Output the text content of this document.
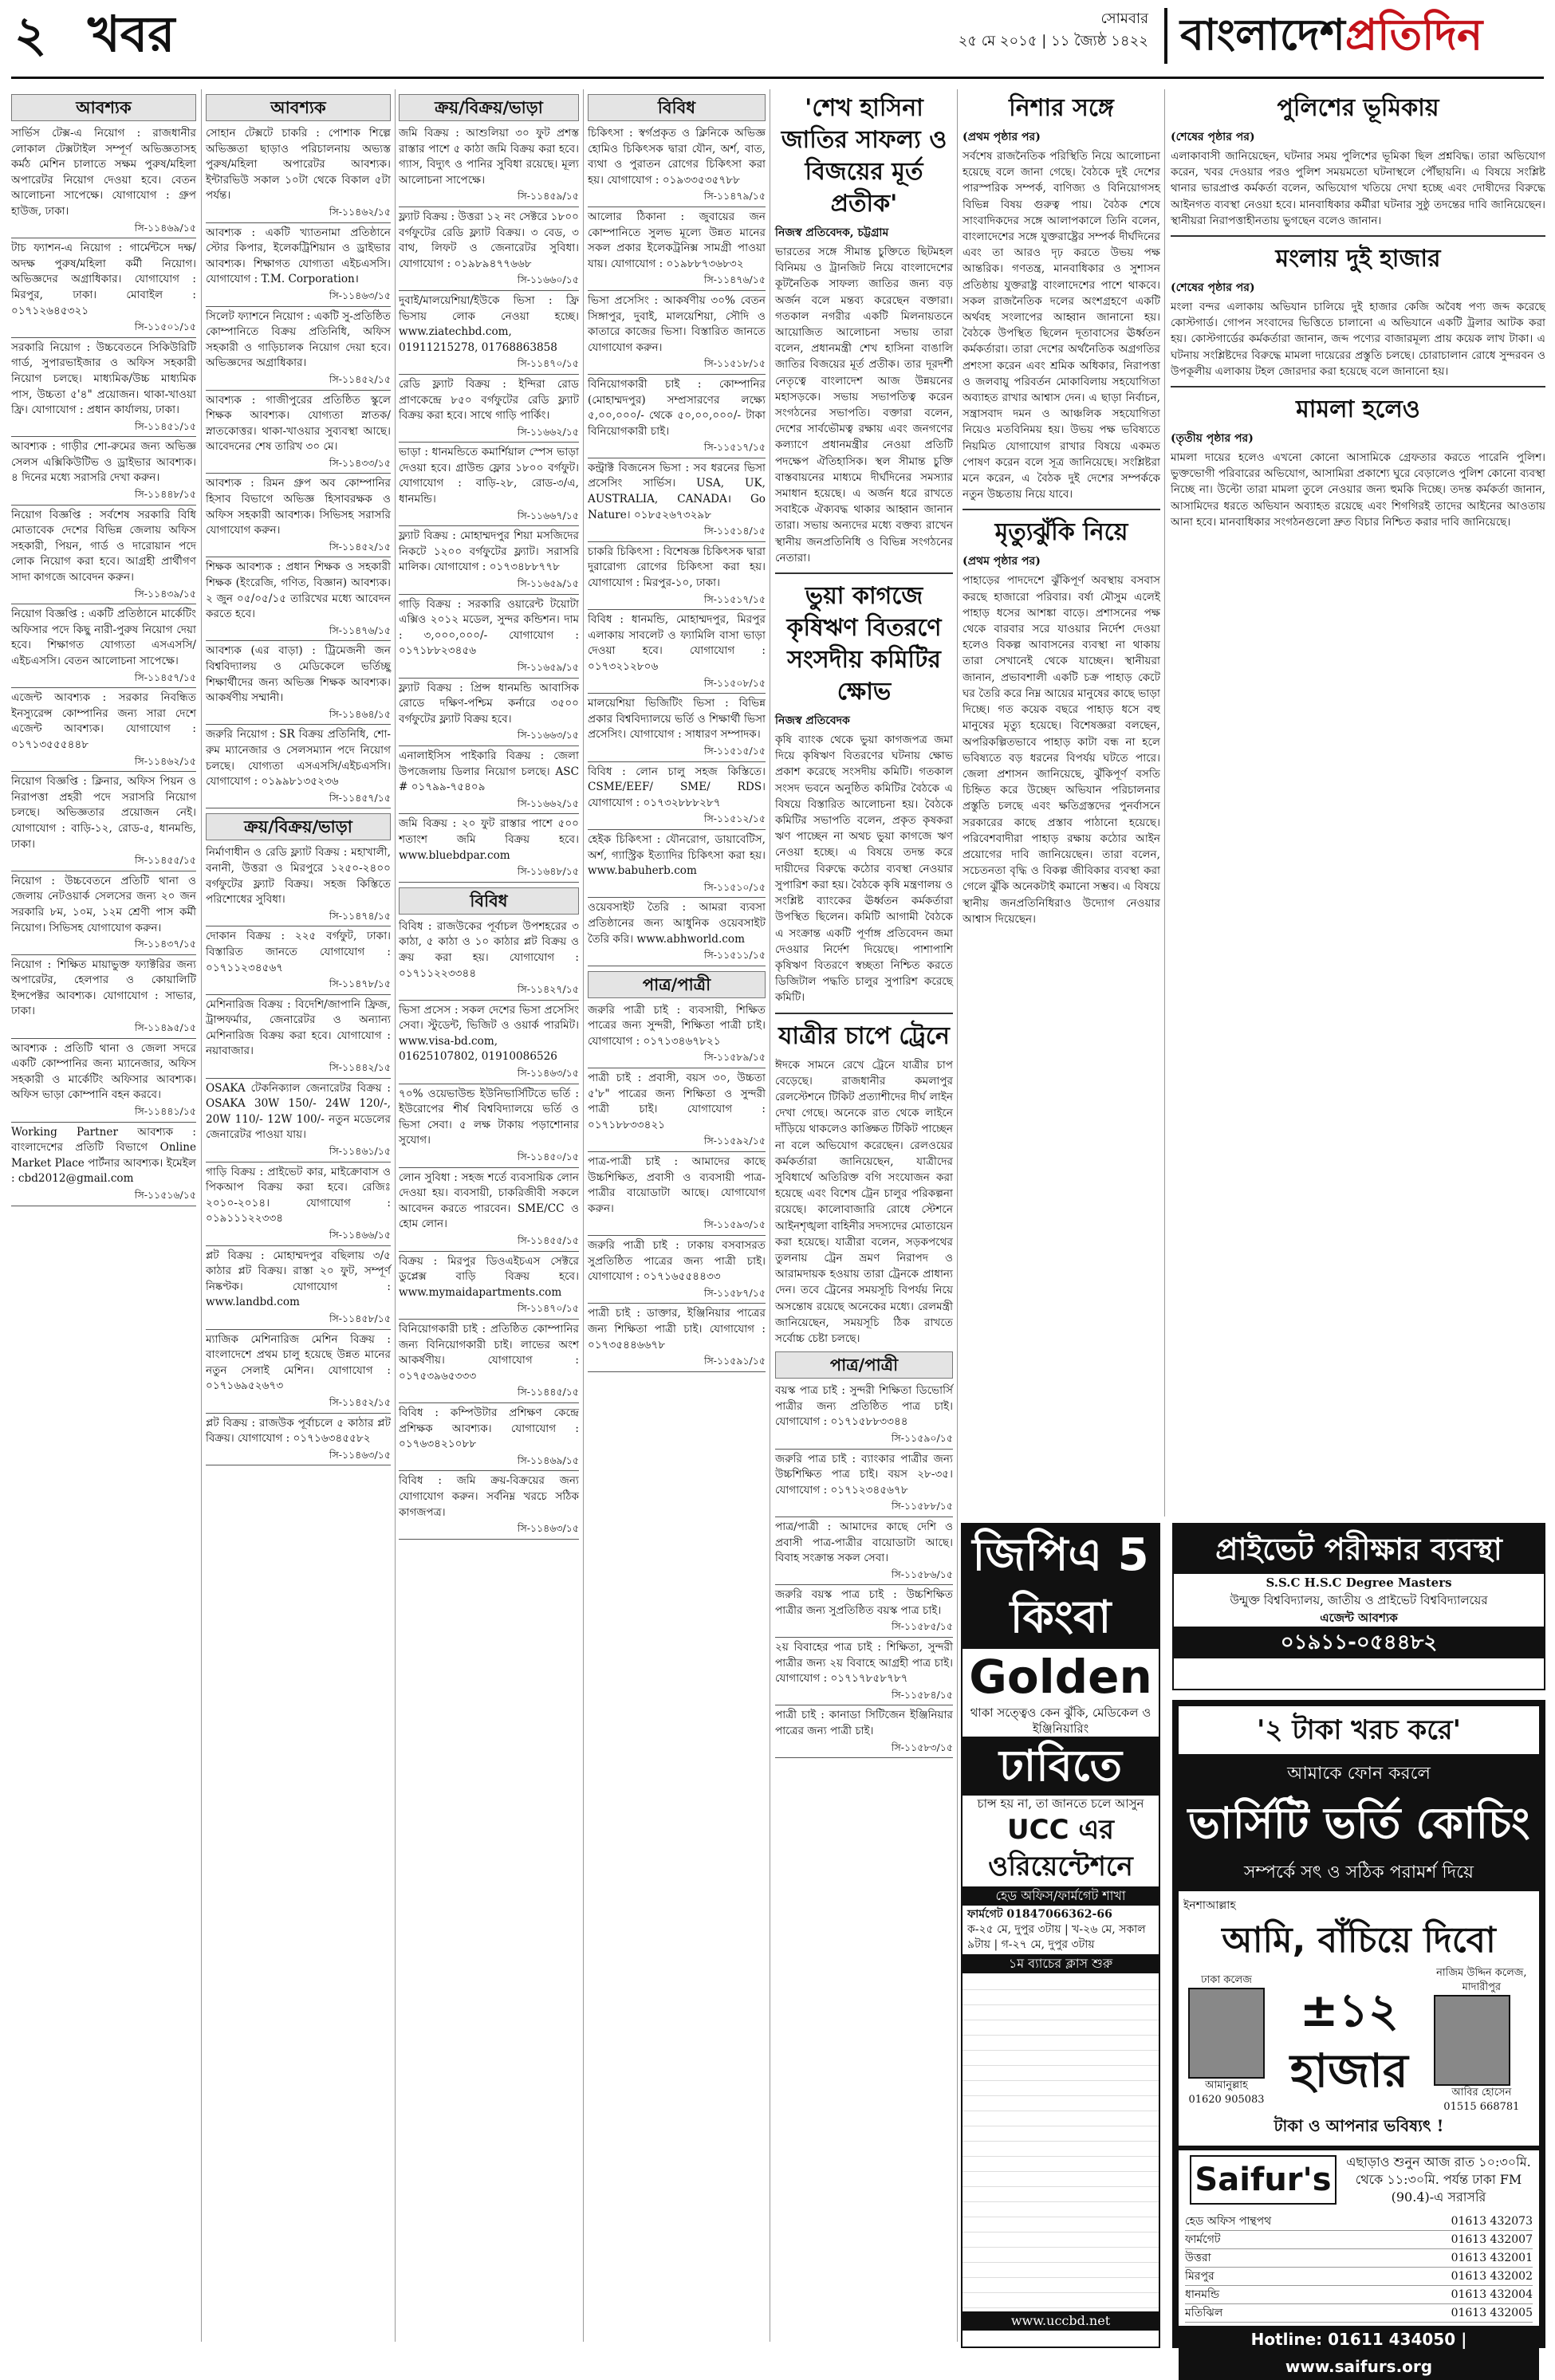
২ খবর	সোমবার
২৫ মে ২০১৫ | ১১ জ্যৈষ্ঠ ১৪২২ বাংলাদেশপ্রতিদিন
আবশ্যক
সার্ভিস টেক্স-এ নিয়োগ : রাজধানীর লোকাল টেক্সটাইল সম্পূর্ণ অভিজ্ঞতাসহ কর্মঠ মেশিন চালাতে সক্ষম পুরুষ/মহিলা অপারেটর নিয়োগ দেওয়া হবে। বেতন আলোচনা সাপেক্ষে। যোগাযোগ : গ্রুপ হাউজ, ঢাকা।
সি-১১৪৬৯/১৫
টাচ ফ্যাশন-এ নিয়োগ : গার্মেন্টসে দক্ষ/অদক্ষ পুরুষ/মহিলা কর্মী নিয়োগ। অভিজ্ঞদের অগ্রাধিকার। যোগাযোগ : মিরপুর, ঢাকা। মোবাইল : ০১৭১২৬৪৫৩২১
সি-১১৫০১/১৫
সরকারি নিয়োগ : উচ্চবেতনে সিকিউরিটি গার্ড, সুপারভাইজার ও অফিস সহকারী নিয়োগ চলছে। মাধ্যমিক/উচ্চ মাধ্যমিক পাস, উচ্চতা ৫'৪" প্রয়োজন। থাকা-খাওয়া ফ্রি। যোগাযোগ : প্রধান কার্যালয়, ঢাকা।
সি-১১৪৫১/১৫
আবশ্যক : গাড়ীর শো-রুমের জন্য অভিজ্ঞ সেলস এক্সিকিউটিভ ও ড্রাইভার আবশ্যক। ৪ দিনের মধ্যে সরাসরি দেখা করুন।
সি-১১৪৪৮/১৫
নিয়োগ বিজ্ঞপ্তি : সর্বশেষ সরকারি বিধি মোতাবেক দেশের বিভিন্ন জেলায় অফিস সহকারী, পিয়ন, গার্ড ও দারোয়ান পদে লোক নিয়োগ করা হবে। আগ্রহী প্রার্থীগণ সাদা কাগজে আবেদন করুন।
সি-১১৪৩৯/১৫
নিয়োগ বিজ্ঞপ্তি : একটি প্রতিষ্ঠানে মার্কেটিং অফিসার পদে কিছু নারী-পুরুষ নিয়োগ দেয়া হবে। শিক্ষাগত যোগ্যতা এসএসসি/এইচএসসি। বেতন আলোচনা সাপেক্ষে।
সি-১১৪৫৭/১৫
এজেন্ট আবশ্যক : সরকার নিবন্ধিত ইনস্যুরেন্স কোম্পানির জন্য সারা দেশে এজেন্ট আবশ্যক। যোগাযোগ : ০১৭১৩৫৫৫৪৪৮
সি-১১৪৬২/১৫
নিয়োগ বিজ্ঞপ্তি : ক্লিনার, অফিস পিয়ন ও নিরাপত্তা প্রহরী পদে সরাসরি নিয়োগ চলছে। অভিজ্ঞতার প্রয়োজন নেই। যোগাযোগ : বাড়ি-১২, রোড-৫, ধানমন্ডি, ঢাকা।
সি-১১৪৫৫/১৫
নিয়োগ : উচ্চবেতনে প্রতিটি থানা ও জেলায় নেটওয়ার্ক সেলসের জন্য ২০ জন সরকারি ৮ম, ১০ম, ১২ম শ্রেণী পাস কর্মী নিয়োগ। সিভিসহ যোগাযোগ করুন।
সি-১১৪৩৭/১৫
নিয়োগ : শিক্ষিত মায়াভুক্ত ফ্যাক্টরির জন্য অপারেটর, হেলপার ও কোয়ালিটি ইন্সপেক্টর আবশ্যক। যোগাযোগ : সাভার, ঢাকা।
সি-১১৪৯৫/১৫
আবশ্যক : প্রতিটি থানা ও জেলা সদরে একটি কোম্পানির জন্য ম্যানেজার, অফিস সহকারী ও মার্কেটিং অফিসার আবশ্যক। অফিস ভাড়া কোম্পানি বহন করবে।
সি-১১৪৪১/১৫
Working Partner আবশ্যক : বাংলাদেশের প্রতিটি বিভাগে Online Market Place পার্টনার আবশ্যক। ইমেইল : cbd2012@gmail.com
সি-১১৫১৬/১৫
আবশ্যক
সোহান টেক্সটে চাকরি : পোশাক শিল্পে অভিজ্ঞতা ছাড়াও পরিচালনায় অভ্যস্ত পুরুষ/মহিলা অপারেটর আবশ্যক। ইন্টারভিউ সকাল ১০টা থেকে বিকাল ৫টা পর্যন্ত।
সি-১১৪৬২/১৫
আবশ্যক : একটি খ্যাতনামা প্রতিষ্ঠানে স্টোর কিপার, ইলেকট্রিশিয়ান ও ড্রাইভার আবশ্যক। শিক্ষাগত যোগ্যতা এইচএসসি। যোগাযোগ : T.M. Corporation।
সি-১১৪৬৩/১৫
সিলেট ফ্যাশনে নিয়োগ : একটি সু-প্রতিষ্ঠিত কোম্পানিতে বিক্রয় প্রতিনিধি, অফিস সহকারী ও গাড়িচালক নিয়োগ দেয়া হবে। অভিজ্ঞদের অগ্রাধিকার।
সি-১১৪৫২/১৫
আবশ্যক : গাজীপুরের প্রতিষ্ঠিত স্কুলে শিক্ষক আবশ্যক। যোগ্যতা স্নাতক/স্নাতকোত্তর। থাকা-খাওয়ার সুব্যবস্থা আছে। আবেদনের শেষ তারিখ ৩০ মে।
সি-১১৪৩৩/১৫
আবশ্যক : রিমন গ্রুপ অব কোম্পানির হিসাব বিভাগে অভিজ্ঞ হিসাবরক্ষক ও অফিস সহকারী আবশ্যক। সিভিসহ সরাসরি যোগাযোগ করুন।
সি-১১৪৫২/১৫
শিক্ষক আবশ্যক : প্রধান শিক্ষক ও সহকারী শিক্ষক (ইংরেজি, গণিত, বিজ্ঞান) আবশ্যক। ২ জুন ০৫/০৫/১৫ তারিখের মধ্যে আবেদন করতে হবে।
সি-১১৪৭৬/১৫
আবশ্যক (এর বাড়া) : ট্রিমেজনী জন বিশ্ববিদ্যালয় ও মেডিকেলে ভর্তিচ্ছু শিক্ষার্থীদের জন্য অভিজ্ঞ শিক্ষক আবশ্যক। আকর্ষণীয় সম্মানী।
সি-১১৪৬৪/১৫
জরুরি নিয়োগ : SR বিক্রয় প্রতিনিধি, শো-রুম ম্যানেজার ও সেলসম্যান পদে নিয়োগ চলছে। যোগ্যতা এসএসসি/এইচএসসি। যোগাযোগ : ০১৯৯৮১৩৫২৩৬
সি-১১৪৫৭/১৫
ক্রয়/বিক্রয়/ভাড়া
নির্মাণাধীন ও রেডি ফ্ল্যাট বিক্রয় : মহাখালী, বনানী, উত্তরা ও মিরপুরে ১২৫০-২৪০০ বর্গফুটের ফ্ল্যাট বিক্রয়। সহজ কিস্তিতে পরিশোধের সুবিধা।
সি-১১৪৭৪/১৫
দোকান বিক্রয় : ২২৫ বর্গফুট, ঢাকা। বিস্তারিত জানতে যোগাযোগ : ০১৭১১২৩৪৫৬৭
সি-১১৪৭৮/১৫
মেশিনারিজ বিক্রয় : বিদেশি/জাপানি ফ্রিজ, ট্রান্সফর্মার, জেনারেটর ও অন্যান্য মেশিনারিজ বিক্রয় করা হবে। যোগাযোগ : নয়াবাজার।
সি-১১৪৪২/১৫
OSAKA টেকনিক্যাল জেনারেটর বিক্রয় : OSAKA 30W 150/- 24W 120/-, 20W 110/- 12W 100/- নতুন মডেলের জেনারেটর পাওয়া যায়।
সি-১১৪৬১/১৫
গাড়ি বিক্রয় : প্রাইভেট কার, মাইক্রোবাস ও পিকআপ বিক্রয় করা হবে। রেজিঃ ২০১০-২০১৪। যোগাযোগ : ০১৯১১১২২৩৩৪
সি-১১৪৬৬/১৫
প্লট বিক্রয় : মোহাম্মদপুর বছিলায় ৩/৫ কাঠার প্লট বিক্রয়। রাস্তা ২০ ফুট, সম্পূর্ণ নিষ্কণ্টক। যোগাযোগ : www.landbd.com
সি-১১৪৫৮/১৫
ম্যাজিক মেশিনারিজ মেশিন বিক্রয় : বাংলাদেশে প্রথম চালু হয়েছে উন্নত মানের নতুন সেলাই মেশিন। যোগাযোগ : ০১৭১৬৯৫২৬৭৩
সি-১১৪৫২/১৫
প্লট বিক্রয় : রাজউক পূর্বাচলে ৫ কাঠার প্লট বিক্রয়। যোগাযোগ : ০১৭১৬৩৪৫৫৮২
সি-১১৪৬৩/১৫
ক্রয়/বিক্রয়/ভাড়া
জমি বিক্রয় : আশুলিয়া ৩০ ফুট প্রশস্ত রাস্তার পাশে ৫ কাঠা জমি বিক্রয় করা হবে। গ্যাস, বিদ্যুৎ ও পানির সুবিধা রয়েছে। মূল্য আলোচনা সাপেক্ষে।
সি-১১৪৫৯/১৫
ফ্ল্যাট বিক্রয় : উত্তরা ১২ নং সেক্টরে ১৮০০ বর্গফুটের রেডি ফ্ল্যাট বিক্রয়। ৩ বেড, ৩ বাথ, লিফট ও জেনারেটর সুবিধা। যোগাযোগ : ০১৯৮৯৪৭৭৬৬৮
সি-১১৬৬০/১৫
দুবাই/মালয়েশিয়া/ইউকে ভিসা : ফ্রি ভিসায় লোক নেওয়া হচ্ছে। www.ziatechbd.com, 01911215278, 01768863858
সি-১১৪৭০/১৫
রেডি ফ্ল্যাট বিক্রয় : ইন্দিরা রোড প্রাণকেন্দ্রে ৮৫০ বর্গফুটের রেডি ফ্ল্যাট বিক্রয় করা হবে। সাথে গাড়ি পার্কিং।
সি-১১৬৬২/১৫
ভাড়া : ধানমন্ডিতে কমার্শিয়াল স্পেস ভাড়া দেওয়া হবে। গ্রাউন্ড ফ্লোর ১৮০০ বর্গফুট। যোগাযোগ : বাড়ি-২৮, রোড-৩/এ, ধানমন্ডি।
সি-১১৬৬৭/১৫
ফ্ল্যাট বিক্রয় : মোহাম্মদপুর শিয়া মসজিদের নিকটে ১২০০ বর্গফুটের ফ্ল্যাট। সরাসরি মালিক। যোগাযোগ : ০১৭৩৪৮৮৭৭৮
সি-১১৬৫৯/১৫
গাড়ি বিক্রয় : সরকারি ওয়ারেন্ট টয়োটা এক্সিও ২০১২ মডেল, সুন্দর কন্ডিশন। দাম : ৩,০০০,০০০/- যোগাযোগ : ০১৭১৮৮২৩৪৫৬
সি-১১৬৫৯/১৫
ফ্ল্যাট বিক্রয় : প্রিন্স ধানমন্ডি আবাসিক রোডে দক্ষিণ-পশ্চিম কর্নারে ৩৫০০ বর্গফুটের ফ্ল্যাট বিক্রয় হবে।
সি-১১৬৬৩/১৫
এনালাইসিস পাইকারি বিক্রয় : জেলা উপজেলায় ডিলার নিয়োগ চলছে। ASC # ০১৭৯৯-৭৫৪০৯
সি-১১৬৬২/১৫
জমি বিক্রয় : ২০ ফুট রাস্তার পাশে ৫০০ শতাংশ জমি বিক্রয় হবে। www.bluebdpar.com
সি-১১৬৪৮/১৫
বিবিধ
বিবিধ : রাজউকের পূর্বাচল উপশহরের ৩ কাঠা, ৫ কাঠা ও ১০ কাঠার প্লট বিক্রয় ও ক্রয় করা হয়। যোগাযোগ : ০১৭১১২২৩৩৪৪
সি-১১৪২৭/১৫
ভিসা প্রসেস : সকল দেশের ভিসা প্রসেসিং সেবা। স্টুডেন্ট, ভিজিট ও ওয়ার্ক পারমিট। www.visa-bd.com, 01625107802, 01910086526
সি-১১৪৬৩/১৫
৭০% ওয়েভাউন্ড ইউনিভার্সিটিতে ভর্তি : ইউরোপের শীর্ষ বিশ্ববিদ্যালয়ে ভর্তি ও ভিসা সেবা। ৫ লক্ষ টাকায় পড়াশোনার সুযোগ।
সি-১১৪৫০/১৫
লোন সুবিধা : সহজ শর্তে ব্যবসায়িক লোন দেওয়া হয়। ব্যবসায়ী, চাকরিজীবী সকলে আবেদন করতে পারবেন। SME/CC ও হোম লোন।
সি-১১৪৫৫/১৫
বিক্রয় : মিরপুর ডিওএইচএস সেক্টরে ডুপ্লেক্স বাড়ি বিক্রয় হবে। www.mymaidapartments.com
সি-১১৪৭০/১৫
বিনিয়োগকারী চাই : প্রতিষ্ঠিত কোম্পানির জন্য বিনিয়োগকারী চাই। লাভের অংশ আকর্ষণীয়। যোগাযোগ : ০১৭৫৩৯৬৫৩৩৩
সি-১১৪৪৫/১৫
বিবিধ : কম্পিউটার প্রশিক্ষণ কেন্দ্রে প্রশিক্ষক আবশ্যক। যোগাযোগ : ০১৭৬৩৪২১০৮৮
সি-১১৪৬৯/১৫
বিবিধ : জমি ক্রয়-বিক্রয়ের জন্য যোগাযোগ করুন। সর্বনিম্ন খরচে সঠিক কাগজপত্র।
সি-১১৪৬৩/১৫
বিবিধ
চিকিৎসা : স্বর্গপ্রকৃত ও ক্লিনিকে অভিজ্ঞ হোমিও চিকিৎসক দ্বারা যৌন, অর্শ, বাত, ব্যথা ও পুরাতন রোগের চিকিৎসা করা হয়। যোগাযোগ : ০১৯৩৩৫৩৫৭৮৮
সি-১১৪৭৯/১৫
আলোর ঠিকানা : জুবায়ের জন কোম্পানিতে সুলভ মূল্যে উন্নত মানের সকল প্রকার ইলেকট্রনিক্স সামগ্রী পাওয়া যায়। যোগাযোগ : ০১৯৮৮৭৩৬৮৩২
সি-১১৪৭৬/১৫
ভিসা প্রসেসিং : আকর্ষণীয় ৩০% বেতন সিঙ্গাপুর, দুবাই, মালয়েশিয়া, সৌদি ও কাতারে কাজের ভিসা। বিস্তারিত জানতে যোগাযোগ করুন।
সি-১১৫১৮/১৫
বিনিয়োগকারী চাই : কোম্পানির (মোহাম্মদপুর) সম্প্রসারণের লক্ষ্যে ৫,০০,০০০/- থেকে ৫০,০০,০০০/- টাকা বিনিয়োগকারী চাই।
সি-১১৫১৭/১৫
কন্ট্রাক্ট বিজনেস ভিসা : সব ধরনের ভিসা প্রসেসিং সার্ভিস। USA, UK, AUSTRALIA, CANADA। Go Nature। ০১৮৫২৬৭৩২৯৮
সি-১১৫১৪/১৫
চাকরি চিকিৎসা : বিশেষজ্ঞ চিকিৎসক দ্বারা দুরারোগ্য রোগের চিকিৎসা করা হয়। যোগাযোগ : মিরপুর-১০, ঢাকা।
সি-১১৫১৭/১৫
বিবিধ : ধানমন্ডি, মোহাম্মদপুর, মিরপুর এলাকায় সাবলেট ও ফ্যামিলি বাসা ভাড়া দেওয়া হবে। যোগাযোগ : ০১৭৩২১২৮০৬
সি-১১৫০৮/১৫
মালয়েশিয়া ভিজিটিং ভিসা : বিভিন্ন প্রকার বিশ্ববিদ্যালয়ে ভর্তি ও শিক্ষার্থী ভিসা প্রসেসিং। যোগাযোগ : সাধারণ সম্পাদক।
সি-১১৫১৫/১৫
বিবিধ : লোন চালু সহজ কিস্তিতে। CSME/EEF/ SME/ RDS। যোগাযোগ : ০১৭৩২৮৮৮২৮৭
সি-১১৫১২/১৫
হেইক চিকিৎসা : যৌনরোগ, ডায়াবেটিস, অর্শ, গ্যাস্ট্রিক ইত্যাদির চিকিৎসা করা হয়। www.babuherb.com
সি-১১৫১০/১৫
ওয়েবসাইট তৈরি : আমরা ব্যবসা প্রতিষ্ঠানের জন্য আধুনিক ওয়েবসাইট তৈরি করি। www.abhworld.com
সি-১১৫১১/১৫
পাত্র/পাত্রী
জরুরি পাত্রী চাই : ব্যবসায়ী, শিক্ষিত পাত্রের জন্য সুন্দরী, শিক্ষিতা পাত্রী চাই। যোগাযোগ : ০১৭১৩৪৬৭৮২১
সি-১১৫৮৯/১৫
পাত্রী চাই : প্রবাসী, বয়স ৩০, উচ্চতা ৫'৮" পাত্রের জন্য শিক্ষিতা ও সুন্দরী পাত্রী চাই। যোগাযোগ : ০১৭১৮৮৩৩৪২১
সি-১১৫৯২/১৫
পাত্র-পাত্রী চাই : আমাদের কাছে উচ্চশিক্ষিত, প্রবাসী ও ব্যবসায়ী পাত্র-পাত্রীর বায়োডাটা আছে। যোগাযোগ করুন।
সি-১১৫৯৩/১৫
জরুরি পাত্রী চাই : ঢাকায় বসবাসরত সুপ্রতিষ্ঠিত পাত্রের জন্য পাত্রী চাই। যোগাযোগ : ০১৭১৬৫৫৪৪৩৩
সি-১১৫৮৭/১৫
পাত্রী চাই : ডাক্তার, ইঞ্জিনিয়ার পাত্রের জন্য শিক্ষিতা পাত্রী চাই। যোগাযোগ : ০১৭৩৫৪৪৬৬৭৮
সি-১১৫৯১/১৫
'শেখ হাসিনা জাতির সাফল্য ও বিজয়ের মূর্ত প্রতীক'
নিজস্ব প্রতিবেদক, চট্টগ্রাম
ভারতের সঙ্গে সীমান্ত চুক্তিতে ছিটমহল বিনিময় ও ট্রানজিট নিয়ে বাংলাদেশের কূটনৈতিক সাফল্য জাতির জন্য বড় অর্জন বলে মন্তব্য করেছেন বক্তারা। গতকাল নগরীর একটি মিলনায়তনে আয়োজিত আলোচনা সভায় তারা বলেন, প্রধানমন্ত্রী শেখ হাসিনা বাঙালি জাতির বিজয়ের মূর্ত প্রতীক। তার দূরদর্শী নেতৃত্বে বাংলাদেশ আজ উন্নয়নের মহাসড়কে। সভায় সভাপতিত্ব করেন সংগঠনের সভাপতি। বক্তারা বলেন, দেশের সার্বভৌমত্ব রক্ষায় এবং জনগণের কল্যাণে প্রধানমন্ত্রীর নেওয়া প্রতিটি পদক্ষেপ ঐতিহাসিক। স্থল সীমান্ত চুক্তি বাস্তবায়নের মাধ্যমে দীর্ঘদিনের সমস্যার সমাধান হয়েছে। এ অর্জন ধরে রাখতে সবাইকে ঐক্যবদ্ধ থাকার আহ্বান জানান তারা। সভায় অন্যদের মধ্যে বক্তব্য রাখেন স্থানীয় জনপ্রতিনিধি ও বিভিন্ন সংগঠনের নেতারা।
ভুয়া কাগজে কৃষিঋণ বিতরণে সংসদীয় কমিটির ক্ষোভ
নিজস্ব প্রতিবেদক
কৃষি ব্যাংক থেকে ভুয়া কাগজপত্র জমা দিয়ে কৃষিঋণ বিতরণের ঘটনায় ক্ষোভ প্রকাশ করেছে সংসদীয় কমিটি। গতকাল সংসদ ভবনে অনুষ্ঠিত কমিটির বৈঠকে এ বিষয়ে বিস্তারিত আলোচনা হয়। বৈঠকে কমিটির সভাপতি বলেন, প্রকৃত কৃষকরা ঋণ পাচ্ছেন না অথচ ভুয়া কাগজে ঋণ নেওয়া হচ্ছে। এ বিষয়ে তদন্ত করে দায়ীদের বিরুদ্ধে কঠোর ব্যবস্থা নেওয়ার সুপারিশ করা হয়। বৈঠকে কৃষি মন্ত্রণালয় ও সংশ্লিষ্ট ব্যাংকের ঊর্ধ্বতন কর্মকর্তারা উপস্থিত ছিলেন। কমিটি আগামী বৈঠকে এ সংক্রান্ত একটি পূর্ণাঙ্গ প্রতিবেদন জমা দেওয়ার নির্দেশ দিয়েছে। পাশাপাশি কৃষিঋণ বিতরণে স্বচ্ছতা নিশ্চিত করতে ডিজিটাল পদ্ধতি চালুর সুপারিশ করেছে কমিটি।
যাত্রীর চাপে ট্রেনে
ঈদকে সামনে রেখে ট্রেনে যাত্রীর চাপ বেড়েছে। রাজধানীর কমলাপুর রেলস্টেশনে টিকিট প্রত্যাশীদের দীর্ঘ লাইন দেখা গেছে। অনেকে রাত থেকে লাইনে দাঁড়িয়ে থাকলেও কাঙ্ক্ষিত টিকিট পাচ্ছেন না বলে অভিযোগ করেছেন। রেলওয়ের কর্মকর্তারা জানিয়েছেন, যাত্রীদের সুবিধার্থে অতিরিক্ত বগি সংযোজন করা হয়েছে এবং বিশেষ ট্রেন চালুর পরিকল্পনা রয়েছে। কালোবাজারি রোধে স্টেশনে আইনশৃঙ্খলা বাহিনীর সদস্যদের মোতায়েন করা হয়েছে। যাত্রীরা বলেন, সড়কপথের তুলনায় ট্রেন ভ্রমণ নিরাপদ ও আরামদায়ক হওয়ায় তারা ট্রেনকে প্রাধান্য দেন। তবে ট্রেনের সময়সূচি বিপর্যয় নিয়ে অসন্তোষ রয়েছে অনেকের মধ্যে। রেলমন্ত্রী জানিয়েছেন, সময়সূচি ঠিক রাখতে সর্বোচ্চ চেষ্টা চলছে।
পাত্র/পাত্রী
বয়স্ক পাত্র চাই : সুন্দরী শিক্ষিতা ডিভোর্সি পাত্রীর জন্য প্রতিষ্ঠিত পাত্র চাই। যোগাযোগ : ০১৭১৫৮৮৩৩৪৪
সি-১১৫৯০/১৫
জরুরি পাত্র চাই : ব্যাংকার পাত্রীর জন্য উচ্চশিক্ষিত পাত্র চাই। বয়স ২৮-৩৫। যোগাযোগ : ০১৭১২৩৪৫৬৭৮
সি-১১৫৮৮/১৫
পাত্র/পাত্রী : আমাদের কাছে দেশি ও প্রবাসী পাত্র-পাত্রীর বায়োডাটা আছে। বিবাহ সংক্রান্ত সকল সেবা।
সি-১১৫৮৬/১৫
জরুরি বয়স্ক পাত্র চাই : উচ্চশিক্ষিত পাত্রীর জন্য সুপ্রতিষ্ঠিত বয়স্ক পাত্র চাই।
সি-১১৫৮৫/১৫
২য় বিবাহের পাত্র চাই : শিক্ষিতা, সুন্দরী পাত্রীর জন্য ২য় বিবাহে আগ্রহী পাত্র চাই। যোগাযোগ : ০১৭১৭৮৫৮৭৮৭
সি-১১৫৮৪/১৫
পাত্রী চাই : কানাডা সিটিজেন ইঞ্জিনিয়ার পাত্রের জন্য পাত্রী চাই।
সি-১১৫৮৩/১৫
নিশার সঙ্গে
(প্রথম পৃষ্ঠার পর)
সর্বশেষ রাজনৈতিক পরিস্থিতি নিয়ে আলোচনা হয়েছে বলে জানা গেছে। বৈঠকে দুই দেশের পারস্পরিক সম্পর্ক, বাণিজ্য ও বিনিয়োগসহ বিভিন্ন বিষয় গুরুত্ব পায়। বৈঠক শেষে সাংবাদিকদের সঙ্গে আলাপকালে তিনি বলেন, বাংলাদেশের সঙ্গে যুক্তরাষ্ট্রের সম্পর্ক দীর্ঘদিনের এবং তা আরও দৃঢ় করতে উভয় পক্ষ আন্তরিক। গণতন্ত্র, মানবাধিকার ও সুশাসন প্রতিষ্ঠায় যুক্তরাষ্ট্র বাংলাদেশের পাশে থাকবে। সকল রাজনৈতিক দলের অংশগ্রহণে একটি অর্থবহ সংলাপের আহ্বান জানানো হয়। বৈঠকে উপস্থিত ছিলেন দূতাবাসের ঊর্ধ্বতন কর্মকর্তারা। তারা দেশের অর্থনৈতিক অগ্রগতির প্রশংসা করেন এবং শ্রমিক অধিকার, নিরাপত্তা ও জলবায়ু পরিবর্তন মোকাবিলায় সহযোগিতা অব্যাহত রাখার আশ্বাস দেন। এ ছাড়া নির্বাচন, সন্ত্রাসবাদ দমন ও আঞ্চলিক সহযোগিতা নিয়েও মতবিনিময় হয়। উভয় পক্ষ ভবিষ্যতে নিয়মিত যোগাযোগ রাখার বিষয়ে একমত পোষণ করেন বলে সূত্র জানিয়েছে। সংশ্লিষ্টরা মনে করেন, এ বৈঠক দুই দেশের সম্পর্ককে নতুন উচ্চতায় নিয়ে যাবে।
মৃত্যুঝুঁকি নিয়ে
(প্রথম পৃষ্ঠার পর)
পাহাড়ের পাদদেশে ঝুঁকিপূর্ণ অবস্থায় বসবাস করছে হাজারো পরিবার। বর্ষা মৌসুম এলেই পাহাড় ধসের আশঙ্কা বাড়ে। প্রশাসনের পক্ষ থেকে বারবার সরে যাওয়ার নির্দেশ দেওয়া হলেও বিকল্প আবাসনের ব্যবস্থা না থাকায় তারা সেখানেই থেকে যাচ্ছেন। স্থানীয়রা জানান, প্রভাবশালী একটি চক্র পাহাড় কেটে ঘর তৈরি করে নিম্ন আয়ের মানুষের কাছে ভাড়া দিচ্ছে। গত কয়েক বছরে পাহাড় ধসে বহু মানুষের মৃত্যু হয়েছে। বিশেষজ্ঞরা বলছেন, অপরিকল্পিতভাবে পাহাড় কাটা বন্ধ না হলে ভবিষ্যতে বড় ধরনের বিপর্যয় ঘটতে পারে। জেলা প্রশাসন জানিয়েছে, ঝুঁকিপূর্ণ বসতি চিহ্নিত করে উচ্ছেদ অভিযান পরিচালনার প্রস্তুতি চলছে এবং ক্ষতিগ্রস্তদের পুনর্বাসনে সরকারের কাছে প্রস্তাব পাঠানো হয়েছে। পরিবেশবাদীরা পাহাড় রক্ষায় কঠোর আইন প্রয়োগের দাবি জানিয়েছেন। তারা বলেন, সচেতনতা বৃদ্ধি ও বিকল্প জীবিকার ব্যবস্থা করা গেলে ঝুঁকি অনেকটাই কমানো সম্ভব। এ বিষয়ে স্থানীয় জনপ্রতিনিধিরাও উদ্যোগ নেওয়ার আশ্বাস দিয়েছেন।
পুলিশের ভূমিকায়
(শেষের পৃষ্ঠার পর)
এলাকাবাসী জানিয়েছেন, ঘটনার সময় পুলিশের ভূমিকা ছিল প্রশ্নবিদ্ধ। তারা অভিযোগ করেন, খবর দেওয়ার পরও পুলিশ সময়মতো ঘটনাস্থলে পৌঁছায়নি। এ বিষয়ে সংশ্লিষ্ট থানার ভারপ্রাপ্ত কর্মকর্তা বলেন, অভিযোগ খতিয়ে দেখা হচ্ছে এবং দোষীদের বিরুদ্ধে আইনগত ব্যবস্থা নেওয়া হবে। মানবাধিকার কর্মীরা ঘটনার সুষ্ঠু তদন্তের দাবি জানিয়েছেন। স্থানীয়রা নিরাপত্তাহীনতায় ভুগছেন বলেও জানান।
মংলায় দুই হাজার
(শেষের পৃষ্ঠার পর)
মংলা বন্দর এলাকায় অভিযান চালিয়ে দুই হাজার কেজি অবৈধ পণ্য জব্দ করেছে কোস্টগার্ড। গোপন সংবাদের ভিত্তিতে চালানো এ অভিযানে একটি ট্রলার আটক করা হয়। কোস্টগার্ডের কর্মকর্তারা জানান, জব্দ পণ্যের বাজারমূল্য প্রায় কয়েক লাখ টাকা। এ ঘটনায় সংশ্লিষ্টদের বিরুদ্ধে মামলা দায়েরের প্রস্তুতি চলছে। চোরাচালান রোধে সুন্দরবন ও উপকূলীয় এলাকায় টহল জোরদার করা হয়েছে বলে জানানো হয়।
মামলা হলেও
(তৃতীয় পৃষ্ঠার পর)
মামলা দায়ের হলেও এখনো কোনো আসামিকে গ্রেফতার করতে পারেনি পুলিশ। ভুক্তভোগী পরিবারের অভিযোগ, আসামিরা প্রকাশ্যে ঘুরে বেড়ালেও পুলিশ কোনো ব্যবস্থা নিচ্ছে না। উল্টো তারা মামলা তুলে নেওয়ার জন্য হুমকি দিচ্ছে। তদন্ত কর্মকর্তা জানান, আসামিদের ধরতে অভিযান অব্যাহত রয়েছে এবং শিগগিরই তাদের আইনের আওতায় আনা হবে। মানবাধিকার সংগঠনগুলো দ্রুত বিচার নিশ্চিত করার দাবি জানিয়েছে।
জিপিএ 5 কিংবা
Golden
থাকা সত্ত্বেও কেন ঝুঁকি, মেডিকেল ও ইঞ্জিনিয়ারিং
ঢাবিতে
চান্স হয় না, তা জানতে চলে আসুন
UCC এর ওরিয়েন্টেশনে
হেড অফিস/ফার্মগেট শাখা
ফার্মগেট 01847066362-66
ক-২৫ মে, দুপুর ৩টায় | খ-২৬ মে, সকাল ৯টায় | গ-২৭ মে, দুপুর ৩টায়
১ম ব্যাচের ক্লাস শুরু
www.uccbd.net
প্রাইভেট পরীক্ষার ব্যবস্থা
S.S.C H.S.C Degree Masters
উন্মুক্ত বিশ্ববিদ্যালয়, জাতীয় ও প্রাইভেট বিশ্ববিদ্যালয়ের
এজেন্ট আবশ্যক
০১৯১১-০৫৪৪৮২
'২ টাকা খরচ করে'
আমাকে ফোন করলে
ভার্সিটি ভর্তি কোচিং
সম্পর্কে সৎ ও সঠিক পরামর্শ দিয়ে
ইনশাআল্লাহ
আমি, বাঁচিয়ে দিবো
ঢাকা কলেজ
আমানুল্লাহ
01620 905083
±১২ হাজার
নাজিম উদ্দিন কলেজ, মাদারীপুর
আবির হোসেন
01515 668781
টাকা ও আপনার ভবিষ্যৎ !
Saifur's	এছাড়াও শুনুন আজ রাত ১০:৩০মি. থেকে ১১:৩০মি. পর্যন্ত ঢাকা FM (90.4)-এ সরাসরি
হেড অফিস পান্থপথ	01613 432073
ফার্মগেট	01613 432007
উত্তরা	01613 432001
মিরপুর	01613 432002
ধানমন্ডি	01613 432004
মতিঝিল	01613 432005
Hotline: 01611 434050 | www.saifurs.org
